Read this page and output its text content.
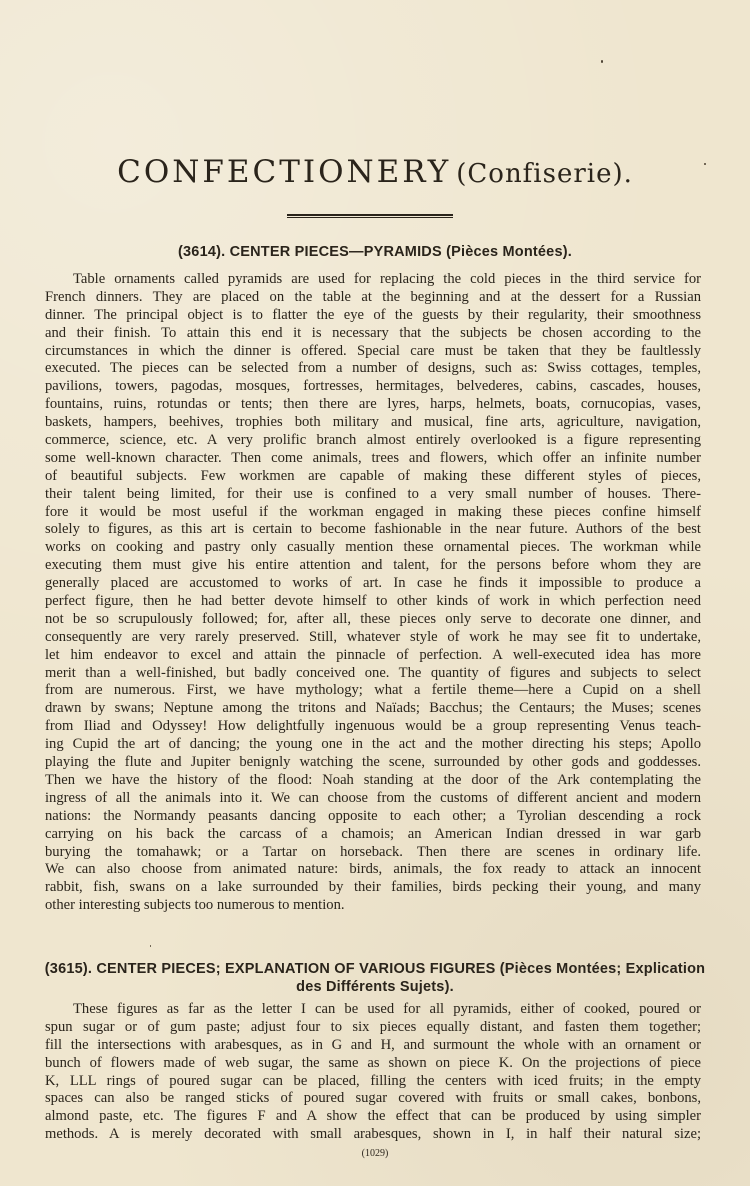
CONFECTIONERY (Confiserie).
(3614). CENTER PIECES—PYRAMIDS (Pièces Montées).
Table ornaments called pyramids are used for replacing the cold pieces in the third service for
French dinners. They are placed on the table at the beginning and at the dessert for a Russian
dinner. The principal object is to flatter the eye of the guests by their regularity, their smoothness
and their finish. To attain this end it is necessary that the subjects be chosen according to the
circumstances in which the dinner is offered. Special care must be taken that they be faultlessly
executed. The pieces can be selected from a number of designs, such as: Swiss cottages, temples,
pavilions, towers, pagodas, mosques, fortresses, hermitages, belvederes, cabins, cascades, houses,
fountains, ruins, rotundas or tents; then there are lyres, harps, helmets, boats, cornucopias, vases,
baskets, hampers, beehives, trophies both military and musical, fine arts, agriculture, navigation,
commerce, science, etc. A very prolific branch almost entirely overlooked is a figure representing
some well-known character. Then come animals, trees and flowers, which offer an infinite number
of beautiful subjects. Few workmen are capable of making these different styles of pieces,
their talent being limited, for their use is confined to a very small number of houses. There-
fore it would be most useful if the workman engaged in making these pieces confine himself
solely to figures, as this art is certain to become fashionable in the near future. Authors of the best
works on cooking and pastry only casually mention these ornamental pieces. The workman while
executing them must give his entire attention and talent, for the persons before whom they are
generally placed are accustomed to works of art. In case he finds it impossible to produce a
perfect figure, then he had better devote himself to other kinds of work in which perfection need
not be so scrupulously followed; for, after all, these pieces only serve to decorate one dinner, and
consequently are very rarely preserved. Still, whatever style of work he may see fit to undertake,
let him endeavor to excel and attain the pinnacle of perfection. A well-executed idea has more
merit than a well-finished, but badly conceived one. The quantity of figures and subjects to select
from are numerous. First, we have mythology; what a fertile theme—here a Cupid on a shell
drawn by swans; Neptune among the tritons and Naïads; Bacchus; the Centaurs; the Muses; scenes
from Iliad and Odyssey! How delightfully ingenuous would be a group representing Venus teach-
ing Cupid the art of dancing; the young one in the act and the mother directing his steps; Apollo
playing the flute and Jupiter benignly watching the scene, surrounded by other gods and goddesses.
Then we have the history of the flood: Noah standing at the door of the Ark contemplating the
ingress of all the animals into it. We can choose from the customs of different ancient and modern
nations: the Normandy peasants dancing opposite to each other; a Tyrolian descending a rock
carrying on his back the carcass of a chamois; an American Indian dressed in war garb
burying the tomahawk; or a Tartar on horseback. Then there are scenes in ordinary life.
We can also choose from animated nature: birds, animals, the fox ready to attack an innocent
rabbit, fish, swans on a lake surrounded by their families, birds pecking their young, and many
other interesting subjects too numerous to mention.
(3615). CENTER PIECES; EXPLANATION OF VARIOUS FIGURES (Pièces Montées; Explication
des Différents Sujets).
These figures as far as the letter I can be used for all pyramids, either of cooked, poured or
spun sugar or of gum paste; adjust four to six pieces equally distant, and fasten them together;
fill the intersections with arabesques, as in G and H, and surmount the whole with an ornament or
bunch of flowers made of web sugar, the same as shown on piece K. On the projections of piece
K, LLL rings of poured sugar can be placed, filling the centers with iced fruits; in the empty
spaces can also be ranged sticks of poured sugar covered with fruits or small cakes, bonbons,
almond paste, etc. The figures F and A show the effect that can be produced by using simpler
methods. A is merely decorated with small arabesques, shown in I, in half their natural size;
(1029)
